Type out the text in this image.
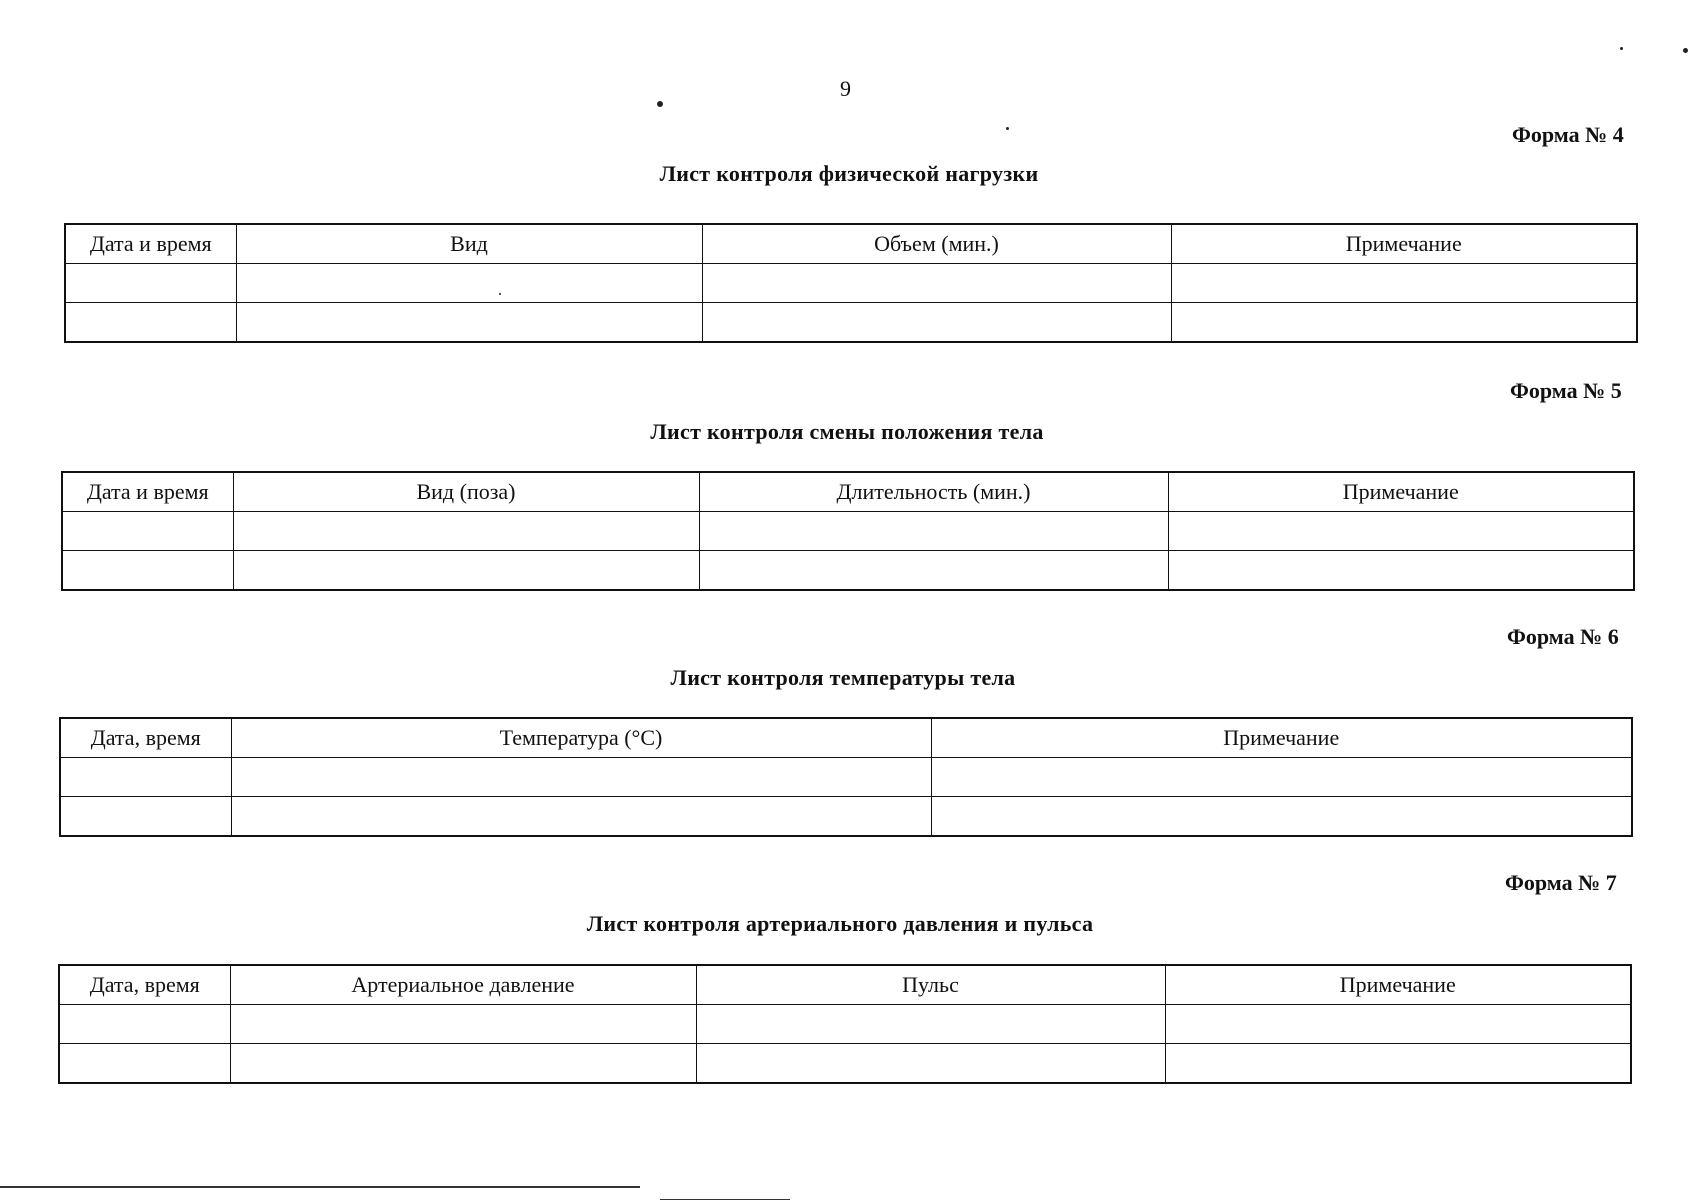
9
Форма № 4
Лист контроля физической нагрузки
Дата и время	Вид	Объем (мин.)	Примечание

Форма № 5
Лист контроля смены положения тела
Дата и время	Вид (поза)	Длительность (мин.)	Примечание

Форма № 6
Лист контроля температуры тела
Дата, время	Температура (°С)	Примечание

Форма № 7
Лист контроля артериального давления и пульса
Дата, время	Артериальное давление	Пульс	Примечание
